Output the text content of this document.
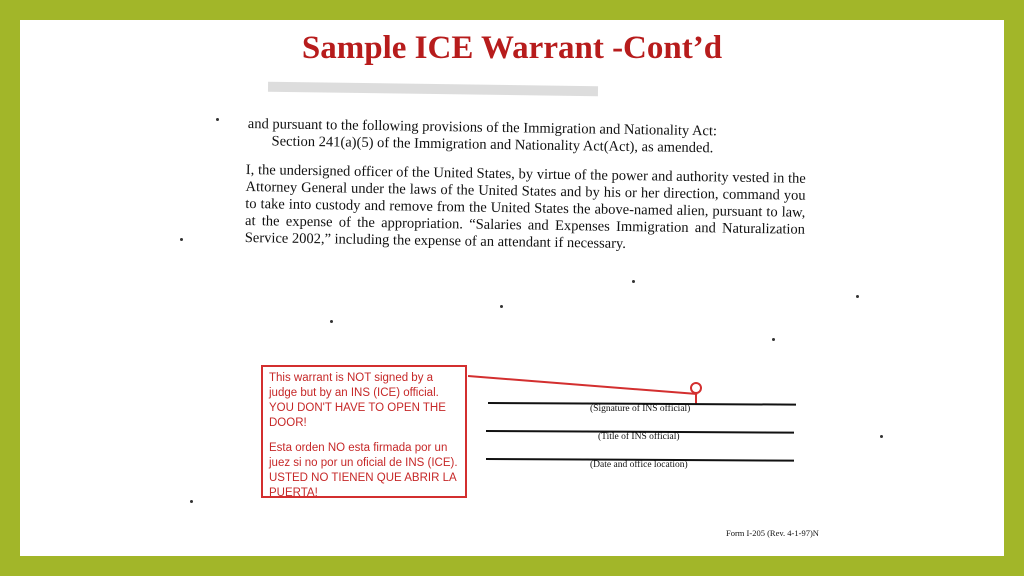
Sample ICE Warrant -Cont’d
and pursuant to the following provisions of the Immigration and Nationality Act:
Section 241(a)(5) of the Immigration and Nationality Act(Act), as amended.
I, the undersigned officer of the United States, by virtue of the power and authority vested in the Attorney General under the laws of the United States and by his or her direction, command you to take into custody and remove from the United States the above-named alien, pursuant to law, at the expense of the appropriation. “Salaries and Expenses Immigration and Naturalization Service 2002,” including the expense of an attendant if necessary.

This warrant is NOT signed by a judge but by an INS (ICE) official. YOU DON'T HAVE TO OPEN THE DOOR!

Esta orden NO esta firmada por un juez si no por un oficial de INS (ICE). USTED NO TIENEN QUE ABRIR LA PUERTA!

(Signature of INS official)
(Title of INS official)
(Date and office location)
Form I-205 (Rev. 4-1-97)N
